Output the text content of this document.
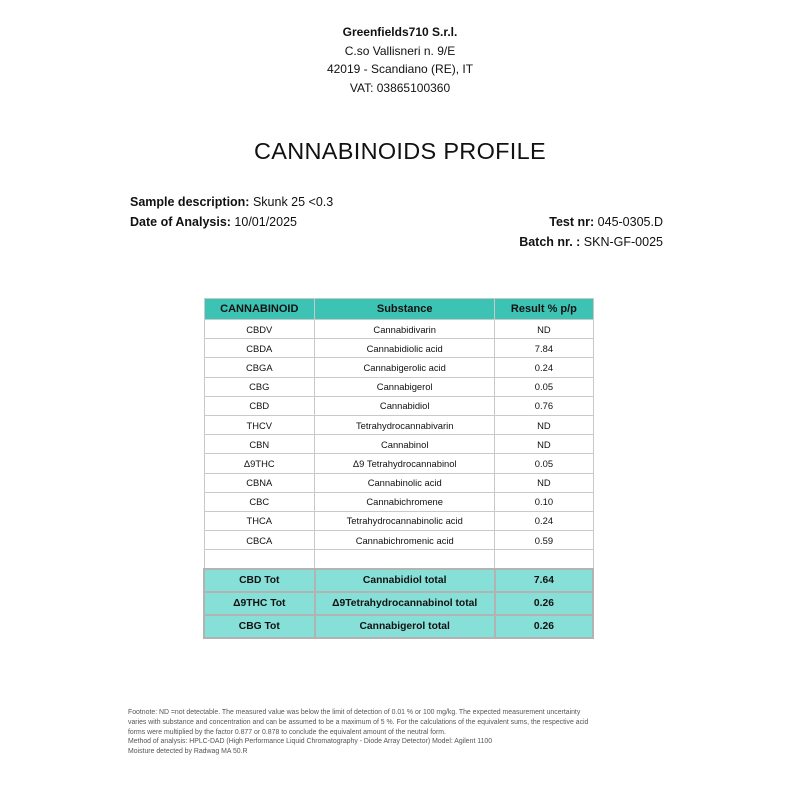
Greenfields710 S.r.l.
C.so Vallisneri n. 9/E
42019 - Scandiano (RE), IT
VAT: 03865100360
CANNABINOIDS PROFILE
Sample description: Skunk 25 <0.3
Date of Analysis: 10/01/2025	Test nr: 045-0305.D
Batch nr. : SKN-GF-0025
CANNABINOID	Substance	Result % p/p
CBDV	Cannabidivarin	ND
CBDA	Cannabidiolic acid	7.84
CBGA	Cannabigerolic acid	0.24
CBG	Cannabigerol	0.05
CBD	Cannabidiol	0.76
THCV	Tetrahydrocannabivarin	ND
CBN	Cannabinol	ND
Δ9THC	Δ9 Tetrahydrocannabinol	0.05
CBNA	Cannabinolic acid	ND
CBC	Cannabichromene	0.10
THCA	Tetrahydrocannabinolic acid	0.24
CBCA	Cannabichromenic acid	0.59

CBD Tot	Cannabidiol total	7.64
Δ9THC Tot	Δ9Tetrahydrocannabinol total	0.26
CBG Tot	Cannabigerol total	0.26
Footnote: ND =not detectable. The measured value was below the limit of detection of 0.01 % or 100 mg/kg. The expected measurement uncertainty
varies with substance and concentration and can be assumed to be a maximum of 5 %. For the calculations of the equivalent sums, the respective acid
forms were multiplied by the factor 0.877 or 0.878 to conclude the equivalent amount of the neutral form.
Method of analysis: HPLC-DAD (High Performance Liquid Chromatography - Diode Array Detector) Model: Agilent 1100
Moisture detected by Radwag MA 50.R
